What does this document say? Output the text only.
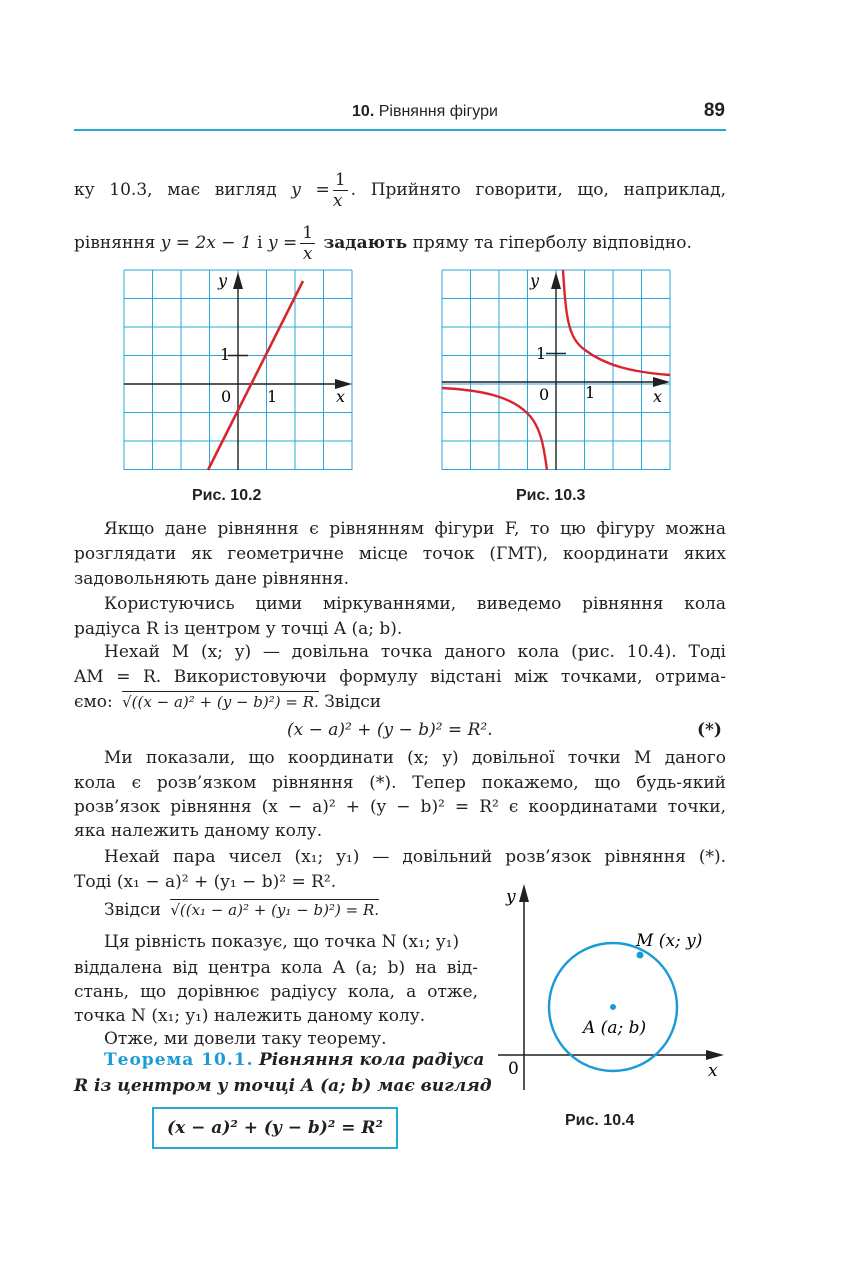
10. Рівняння фігури	89
ку 10.3, має вигляд $y = \frac{1}{x}$ . Прийнято говорити, що, наприклад,
рівняння y = 2x − 1 і $y = \frac{1}{x}$ задають пряму та гіперболу відповідно.
y
1
0 1	x
y
1
0 1	x
Рис. 10.2	Рис. 10.3
Якщо дане рівняння є рівнянням фігури F, то цю фігуру можна
розглядати як геометричне місце точок (ГМТ), координати яких
задовольняють дане рівняння.
Користуючись цими міркуваннями, виведемо рівняння кола
радіуса R із центром у точці A (a; b).
Нехай M (x; y) — довільна точка даного кола (рис. 10.4). Тоді
AM = R. Використовуючи формулу відстані між точками, отрима-
ємо: √((x − a)² + (y − b)²) = R. Звідси
(x − a)² + (y − b)² = R².	(*)
Ми показали, що координати (x; y) довільної точки M даного
кола є розв’язком рівняння (*). Тепер покажемо, що будь-який
розв’язок рівняння (x − a)² + (y − b)² = R² є координатами точки,
яка належить даному колу.
Нехай пара чисел (x₁; y₁) — довільний розв’язок рівняння (*).
Тоді (x₁ − a)² + (y₁ − b)² = R².
Звідси √((x₁ − a)² + (y₁ − b)²) = R.
Ця рівність показує, що точка N (x₁; y₁)
віддалена від центра кола A (a; b) на від-
стань, що дорівнює радіусу кола, а отже,
точка N (x₁; y₁) належить даному колу.
Отже, ми довели таку теорему.
Теорема 10.1. Рівняння кола радіуса
R із центром у точці A (a; b) має вигляд
(x − a)² + (y − b)² = R²
y
0	x
M (x; y)
A (a; b)
Рис. 10.4
